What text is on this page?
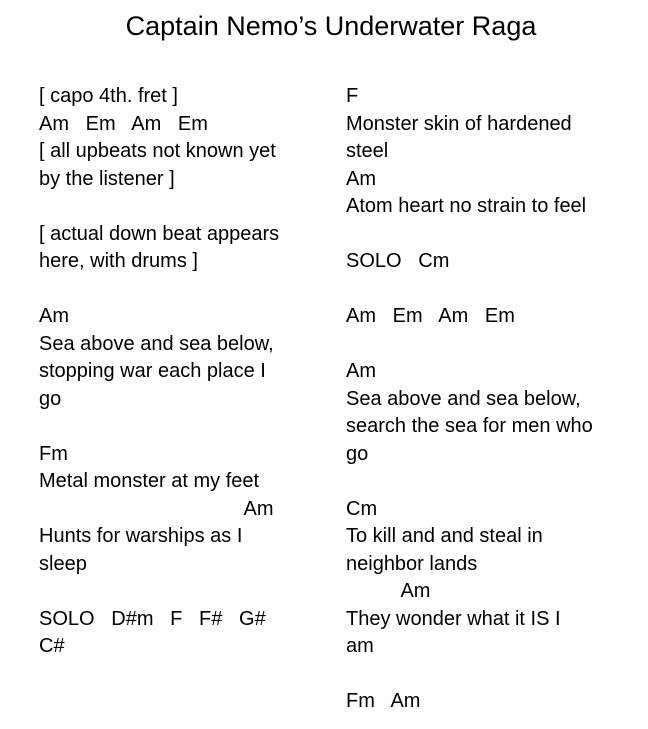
Captain Nemo’s Underwater Raga
[ capo 4th. fret ]
Am   Em   Am   Em
[ all upbeats not known yet
by the listener ]
[ actual down beat appears
here, with drums ]
Am
Sea above and sea below,
stopping war each place I
go
Fm
Metal monster at my feet
Am
Hunts for warships as I
sleep
SOLO   D#m   F   F#   G#
C#
F
Monster skin of hardened
steel
Am
Atom heart no strain to feel
SOLO   Cm
Am   Em   Am   Em
Am
Sea above and sea below,
search the sea for men who
go
Cm
To kill and and steal in
neighbor lands
Am
They wonder what it IS I
am
Fm   Am
